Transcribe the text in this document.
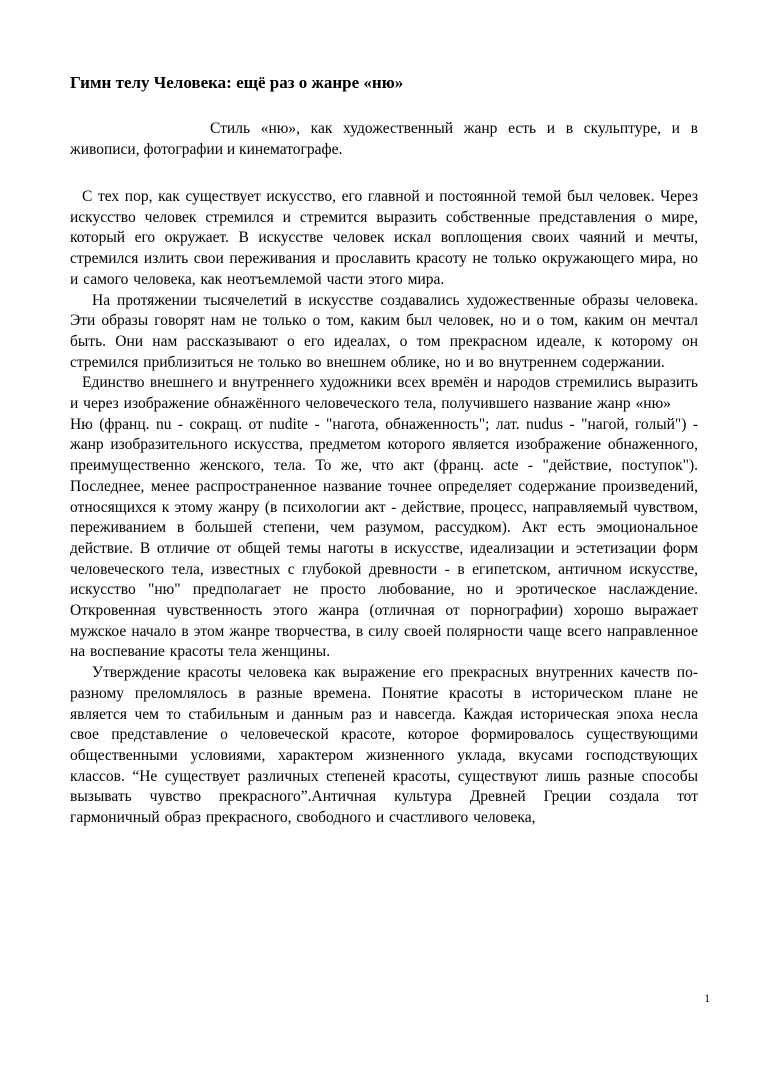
Гимн телу Человека: ещё раз о жанре «ню»

Стиль «ню», как художественный жанр есть и в скульптуре, и в живописи, фотографии и кинематографе.

С тех пор, как существует искусство, его главной и постоянной темой был человек. Через искусство человек стремился и стремится выразить собственные представления о мире, который его окружает. В искусстве человек искал воплощения своих чаяний и мечты, стремился излить свои переживания и прославить красоту не только окружающего мира, но и самого человека, как неотъемлемой части этого мира.

На протяжении тысячелетий в искусстве создавались художественные образы человека. Эти образы говорят нам не только о том, каким был человек, но и о том, каким он мечтал быть. Они нам рассказывают о его идеалах, о том прекрасном идеале, к которому он стремился приблизиться не только во внешнем облике, но и во внутреннем содержании.

Единство внешнего и внутреннего художники всех времён и народов стремились выразить и через изображение обнажённого человеческого тела, получившего название жанр «ню»

Ню (франц. nu - сокращ. от nudite - "нагота, обнаженность"; лат. nudus - "нагой, голый") - жанр изобразительного искусства, предметом которого является изображение обнаженного, преимущественно женского, тела. То же, что акт (франц. acte - "действие, поступок"). Последнее, менее распространенное название точнее определяет содержание произведений, относящихся к этому жанру (в психологии акт - действие, процесс, направляемый чувством, переживанием в большей степени, чем разумом, рассудком). Акт есть эмоциональное действие. В отличие от общей темы наготы в искусстве, идеализации и эстетизации форм человеческого тела, известных с глубокой древности - в египетском, античном искусстве, искусство "ню" предполагает не просто любование, но и эротическое наслаждение. Откровенная чувственность этого жанра (отличная от порнографии) хорошо выражает мужское начало в этом жанре творчества, в силу своей полярности чаще всего направленное на воспевание красоты тела женщины.

Утверждение красоты человека как выражение его прекрасных внутренних качеств по-разному преломлялось в разные времена. Понятие красоты в историческом плане не является чем то стабильным и данным раз и навсегда. Каждая историческая эпоха несла свое представление о человеческой красоте, которое формировалось существующими общественными условиями, характером жизненного уклада, вкусами господствующих классов. “Не существует различных степеней красоты, существуют лишь разные способы вызывать чувство прекрасного”.Античная культура Древней Греции создала тот гармоничный образ прекрасного, свободного и счастливого человека,

1
